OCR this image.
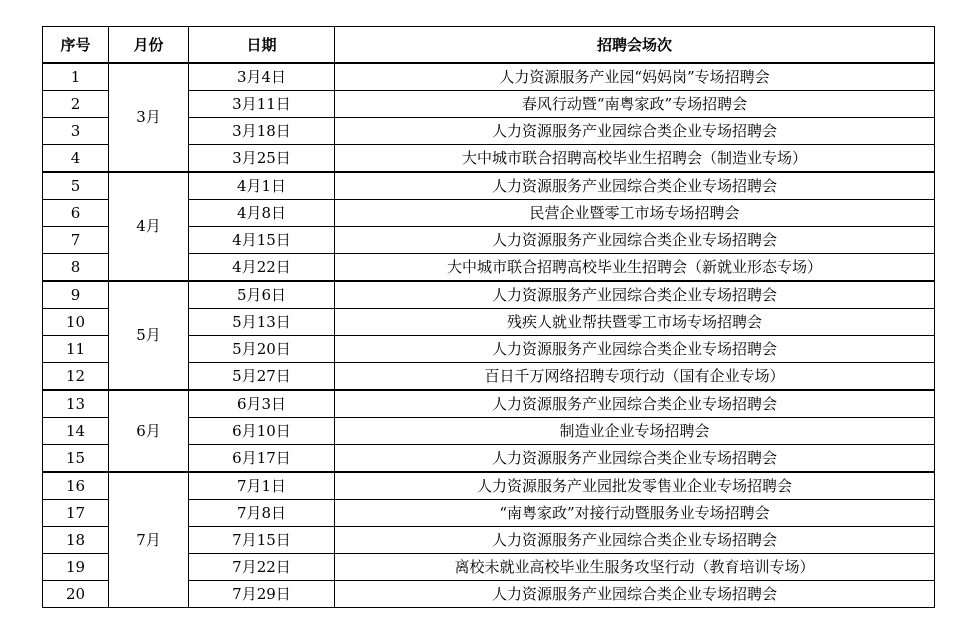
序号	月份	日期	招聘会场次
1	3月	3月4日	人力资源服务产业园“妈妈岗”专场招聘会
2		3月11日	春风行动暨“南粤家政”专场招聘会
3		3月18日	人力资源服务产业园综合类企业专场招聘会
4		3月25日	大中城市联合招聘高校毕业生招聘会（制造业专场）
5	4月	4月1日	人力资源服务产业园综合类企业专场招聘会
6		4月8日	民营企业暨零工市场专场招聘会
7		4月15日	人力资源服务产业园综合类企业专场招聘会
8		4月22日	大中城市联合招聘高校毕业生招聘会（新就业形态专场）
9	5月	5月6日	人力资源服务产业园综合类企业专场招聘会
10		5月13日	残疾人就业帮扶暨零工市场专场招聘会
11		5月20日	人力资源服务产业园综合类企业专场招聘会
12		5月27日	百日千万网络招聘专项行动（国有企业专场）
13	6月	6月3日	人力资源服务产业园综合类企业专场招聘会
14		6月10日	制造业企业专场招聘会
15		6月17日	人力资源服务产业园综合类企业专场招聘会
16	7月	7月1日	人力资源服务产业园批发零售业企业专场招聘会
17		7月8日	“南粤家政”对接行动暨服务业专场招聘会
18		7月15日	人力资源服务产业园综合类企业专场招聘会
19		7月22日	离校未就业高校毕业生服务攻坚行动（教育培训专场）
20		7月29日	人力资源服务产业园综合类企业专场招聘会
